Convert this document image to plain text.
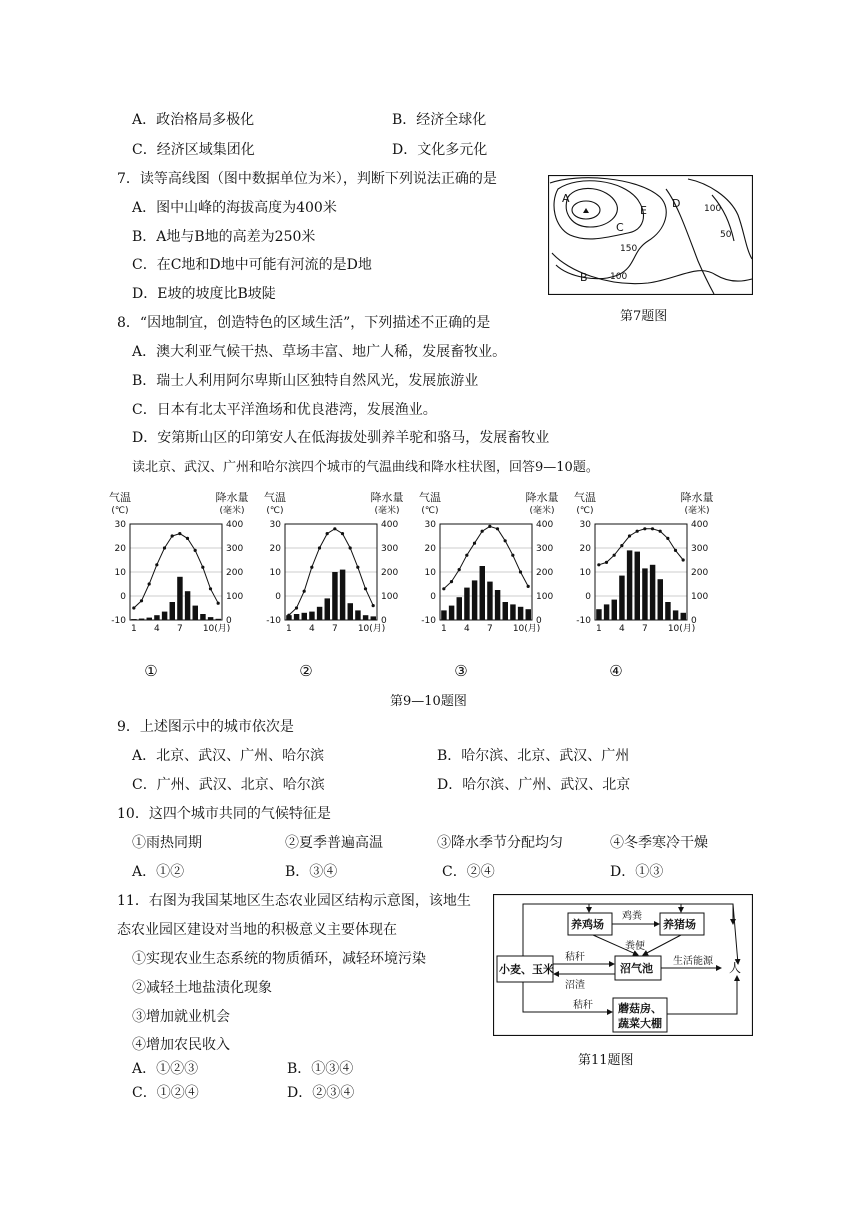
A．政治格局多极化	B．经济全球化
C．经济区域集团化	D．文化多元化
7．读等高线图（图中数据单位为米），判断下列说法正确的是
A．图中山峰的海拔高度为400米
B．A地与B地的高差为250米
C．在C地和D地中可能有河流的是D地
D．E坡的坡度比B坡陡
A
B
C
D
E
150
100
100
50
第7题图
8．“因地制宜，创造特色的区域生活”，下列描述不正确的是
A．澳大利亚气候干热、草场丰富、地广人稀，发展畜牧业。
B．瑞士人利用阿尔卑斯山区独特自然风光，发展旅游业
C．日本有北太平洋渔场和优良港湾，发展渔业。
D．安第斯山区的印第安人在低海拔处驯养羊驼和骆马，发展畜牧业
读北京、武汉、广州和哈尔滨四个城市的气温曲线和降水柱状图，回答9—10题。
气温
(℃)
降水量
(毫米)
30	400
20	300
10	200
0	100
-10	0
1 4 7 10(月)
①
气温
(℃)
降水量
(毫米)
30	400
20	300
10	200
0	100
-10	0
1 4 7 10(月)
②
气温
(℃)
降水量
(毫米)
30	400
20	300
10	200
0	100
-10	0
1 4 7 10(月)
③
气温
(℃)
降水量
(毫米)
30	400
20	300
10	200
0	100
-10	0
1 4 7 10(月)
④
第9—10题图
9．上述图示中的城市依次是
A．北京、武汉、广州、哈尔滨	B．哈尔滨、北京、武汉、广州
C．广州、武汉、北京、哈尔滨	D．哈尔滨、广州、武汉、北京
10．这四个城市共同的气候特征是
①雨热同期	②夏季普遍高温	③降水季节分配均匀	④冬季寒冷干燥
A．①②	B．③④	C．②④	D．①③
11．右图为我国某地区生态农业园区结构示意图，该地生
态农业园区建设对当地的积极意义主要体现在
①实现农业生态系统的物质循环，减轻环境污染
②减轻土地盐渍化现象
③增加就业机会
④增加农民收入
A．①②③	B．①③④
C．①②④	D．②③④
养鸡场	养猪场
小麦、玉米	沼气池
蘑菇房、
蔬菜大棚
鸡粪
秸秆
粪便
沼渣
生活能源
秸秆
人
第11题图
